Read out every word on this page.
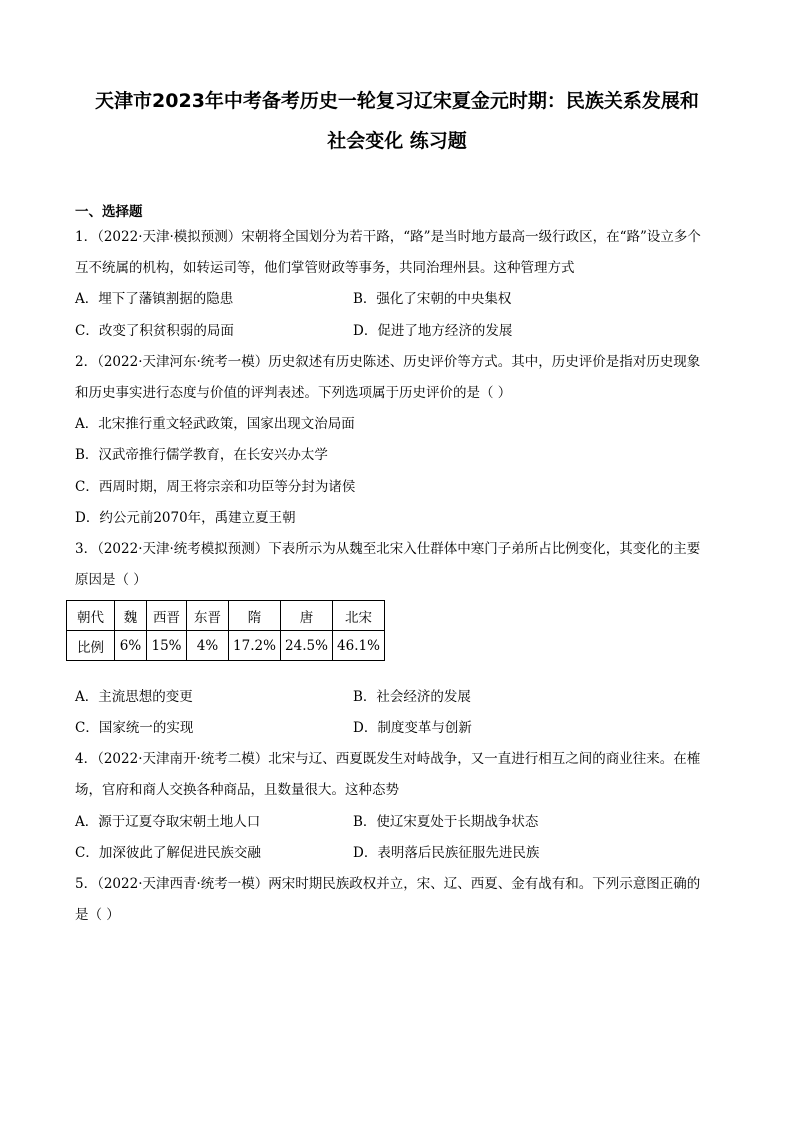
天津市2023年中考备考历史一轮复习辽宋夏金元时期：民族关系发展和
社会变化 练习题
一、选择题
1．（2022·天津·模拟预测）宋朝将全国划分为若干路，“路”是当时地方最高一级行政区，在“路”设立多个
互不统属的机构，如转运司等，他们掌管财政等事务，共同治理州县。这种管理方式
A．埋下了藩镇割据的隐患	B．强化了宋朝的中央集权
C．改变了积贫积弱的局面	D．促进了地方经济的发展
2．（2022·天津河东·统考一模）历史叙述有历史陈述、历史评价等方式。其中，历史评价是指对历史现象
和历史事实进行态度与价值的评判表述。下列选项属于历史评价的是（ ）
A．北宋推行重文轻武政策，国家出现文治局面
B．汉武帝推行儒学教育，在长安兴办太学
C．西周时期，周王将宗亲和功臣等分封为诸侯
D．约公元前2070年，禹建立夏王朝
3．（2022·天津·统考模拟预测）下表所示为从魏至北宋入仕群体中寒门子弟所占比例变化，其变化的主要
原因是（ ）
朝代	魏	西晋	东晋	隋	唐	北宋
比例	6%	15%	4%	17.2%	24.5%	46.1%
A．主流思想的变更	B．社会经济的发展
C．国家统一的实现	D．制度变革与创新
4．（2022·天津南开·统考二模）北宋与辽、西夏既发生对峙战争，又一直进行相互之间的商业往来。在榷
场，官府和商人交换各种商品，且数量很大。这种态势
A．源于辽夏夺取宋朝土地人口	B．使辽宋夏处于长期战争状态
C．加深彼此了解促进民族交融	D．表明落后民族征服先进民族
5．（2022·天津西青·统考一模）两宋时期民族政权并立，宋、辽、西夏、金有战有和。下列示意图正确的
是（ ）
